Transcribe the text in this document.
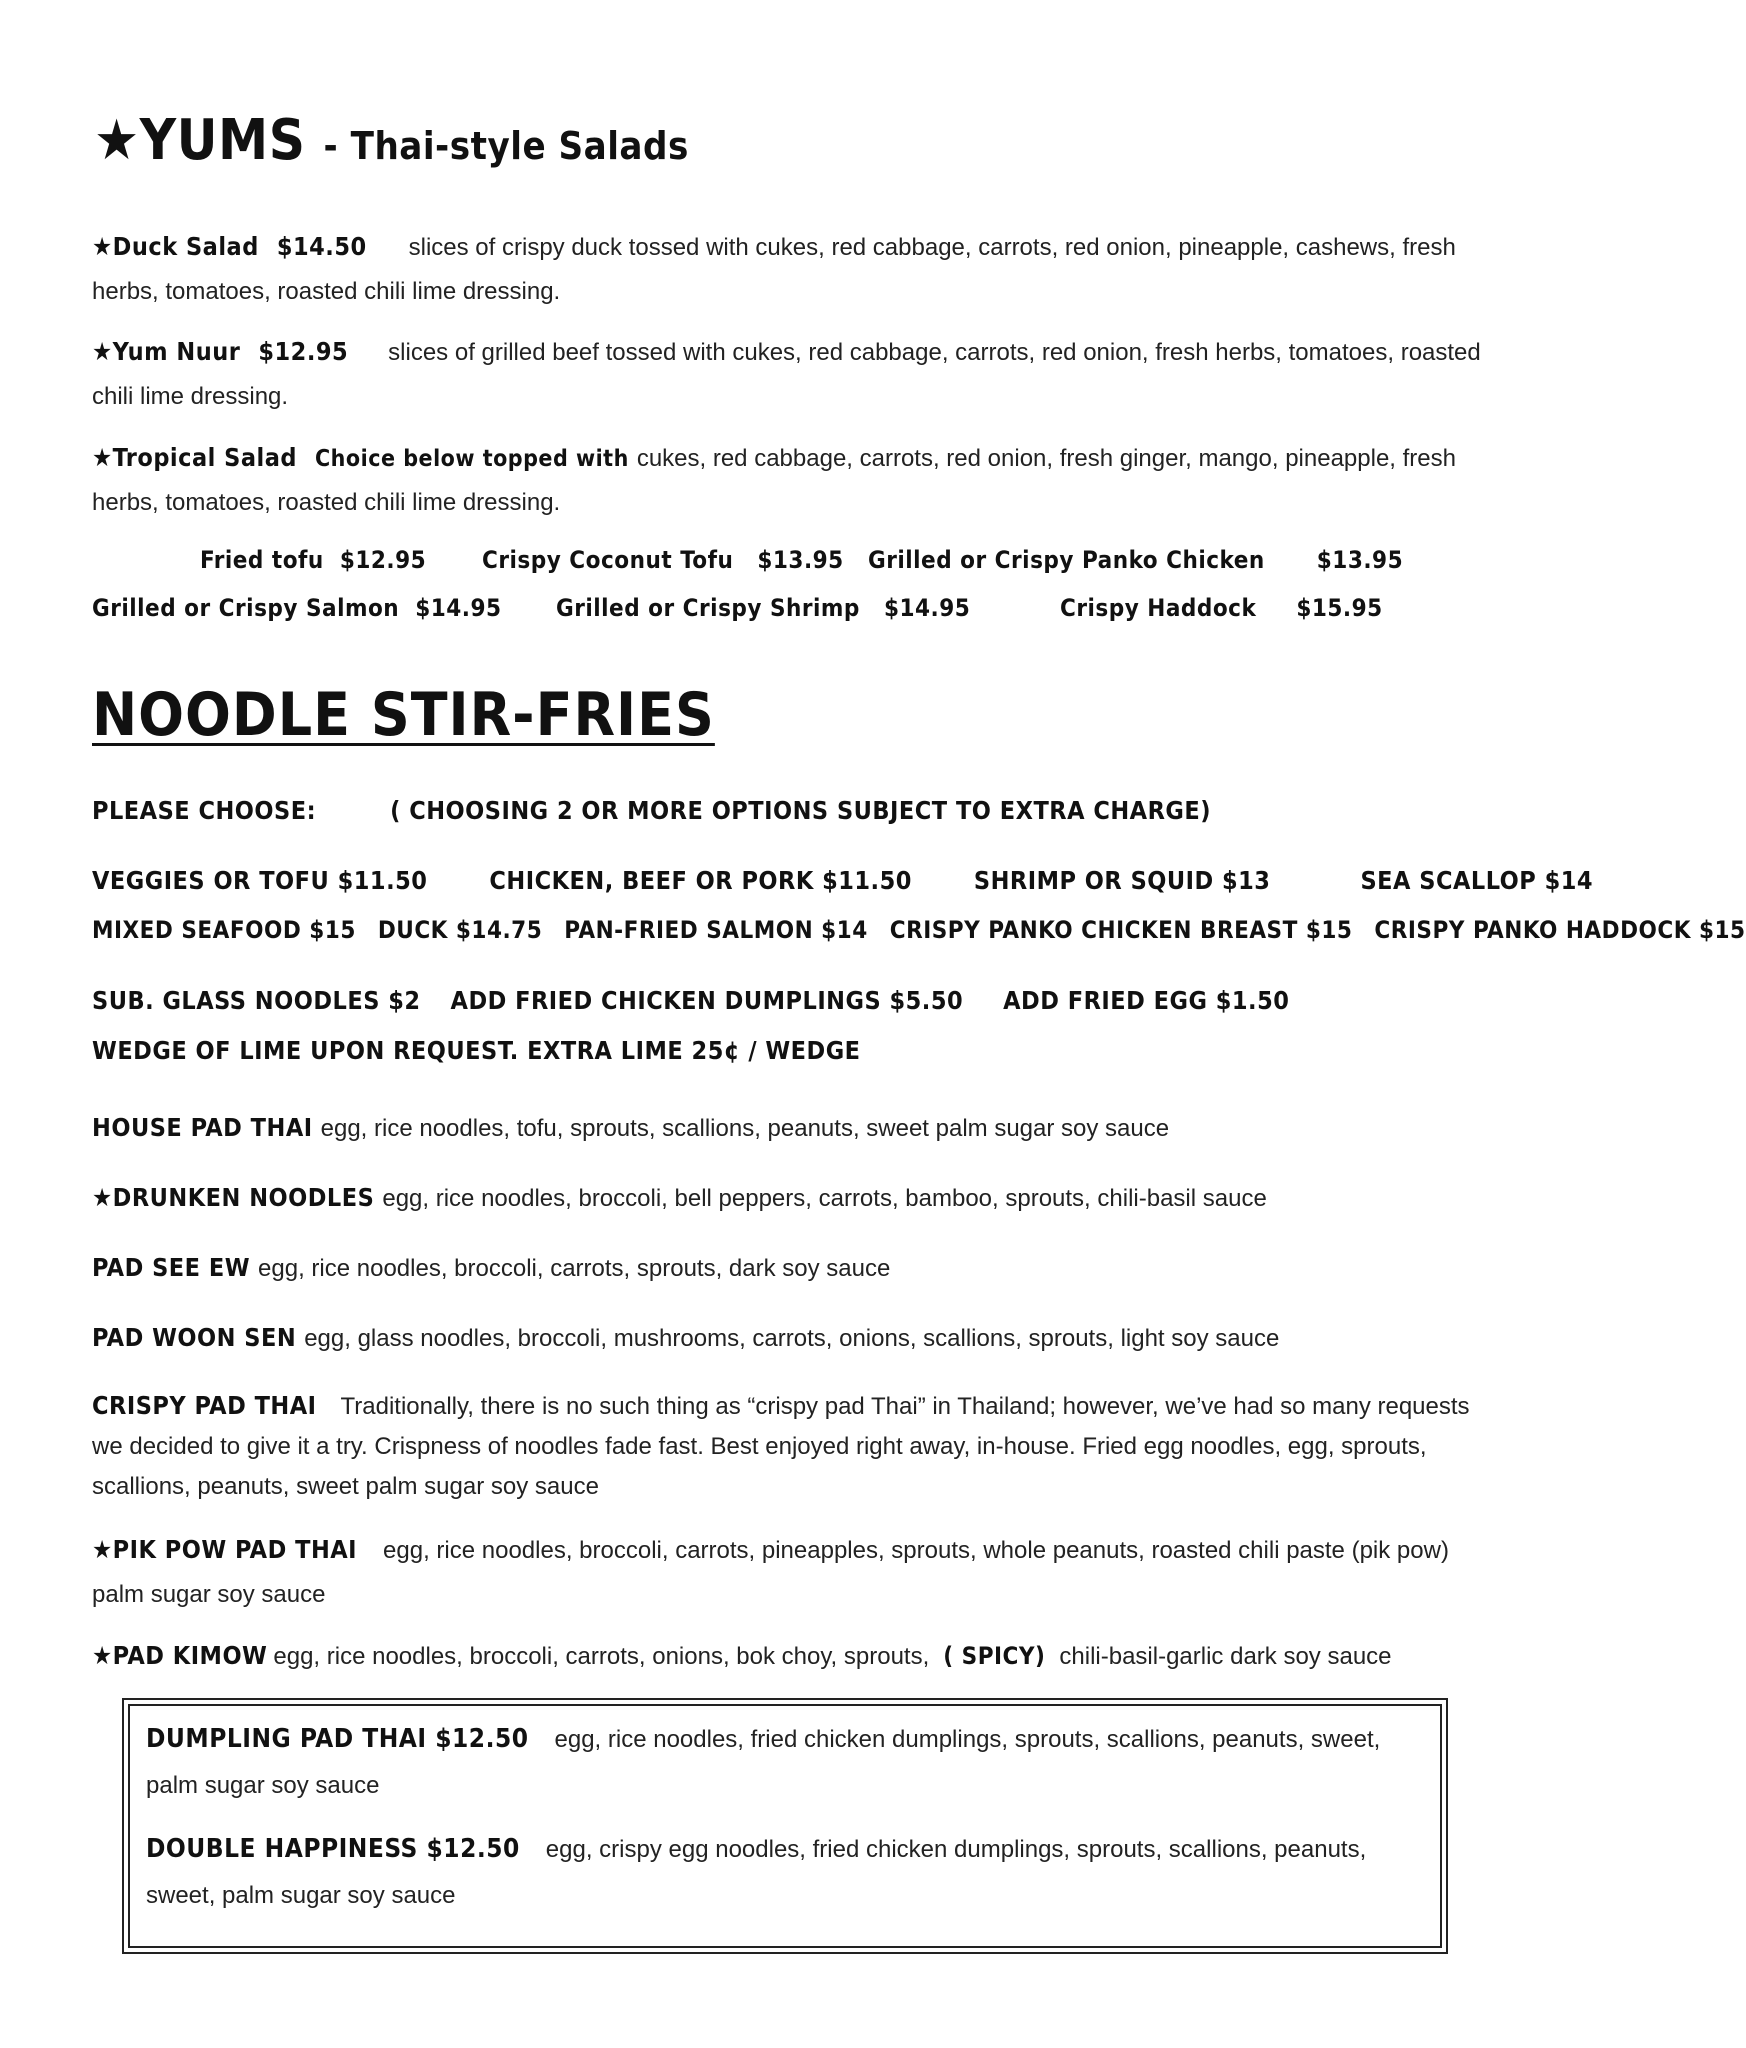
★YUMS - Thai-style Salads
★Duck Salad $14.50 slices of crispy duck tossed with cukes, red cabbage, carrots, red onion, pineapple, cashews, fresh herbs, tomatoes, roasted chili lime dressing.
★Yum Nuur $12.95 slices of grilled beef tossed with cukes, red cabbage, carrots, red onion, fresh herbs, tomatoes, roasted chili lime dressing.
★Tropical Salad Choice below topped with cukes, red cabbage, carrots, red onion, fresh ginger, mango, pineapple, fresh herbs, tomatoes, roasted chili lime dressing.
Fried tofu $12.95 Crispy Coconut Tofu $13.95 Grilled or Crispy Panko Chicken $13.95
Grilled or Crispy Salmon $14.95 Grilled or Crispy Shrimp $14.95	Crispy Haddock $15.95
NOODLE STIR-FRIES
PLEASE CHOOSE:	( CHOOSING 2 OR MORE OPTIONS SUBJECT TO EXTRA CHARGE)
VEGGIES OR TOFU $11.50 CHICKEN, BEEF OR PORK $11.50 SHRIMP OR SQUID $13	SEA SCALLOP $14
MIXED SEAFOOD $15 DUCK $14.75 PAN-FRIED SALMON $14 CRISPY PANKO CHICKEN BREAST $15 CRISPY PANKO HADDOCK $15
SUB. GLASS NOODLES $2 ADD FRIED CHICKEN DUMPLINGS $5.50 ADD FRIED EGG $1.50
WEDGE OF LIME UPON REQUEST. EXTRA LIME 25¢ / WEDGE
HOUSE PAD THAI egg, rice noodles, tofu, sprouts, scallions, peanuts, sweet palm sugar soy sauce
★DRUNKEN NOODLES egg, rice noodles, broccoli, bell peppers, carrots, bamboo, sprouts, chili-basil sauce
PAD SEE EW egg, rice noodles, broccoli, carrots, sprouts, dark soy sauce
PAD WOON SEN egg, glass noodles, broccoli, mushrooms, carrots, onions, scallions, sprouts, light soy sauce
CRISPY PAD THAI Traditionally, there is no such thing as “crispy pad Thai” in Thailand; however, we’ve had so many requests we decided to give it a try. Crispness of noodles fade fast. Best enjoyed right away, in-house. Fried egg noodles, egg, sprouts, scallions, peanuts, sweet palm sugar soy sauce
★PIK POW PAD THAI egg, rice noodles, broccoli, carrots, pineapples, sprouts, whole peanuts, roasted chili paste (pik pow) palm sugar soy sauce
★PAD KIMOW egg, rice noodles, broccoli, carrots, onions, bok choy, sprouts, ( SPICY) chili-basil-garlic dark soy sauce
DUMPLING PAD THAI $12.50 egg, rice noodles, fried chicken dumplings, sprouts, scallions, peanuts, sweet, palm sugar soy sauce
DOUBLE HAPPINESS $12.50 egg, crispy egg noodles, fried chicken dumplings, sprouts, scallions, peanuts, sweet, palm sugar soy sauce
